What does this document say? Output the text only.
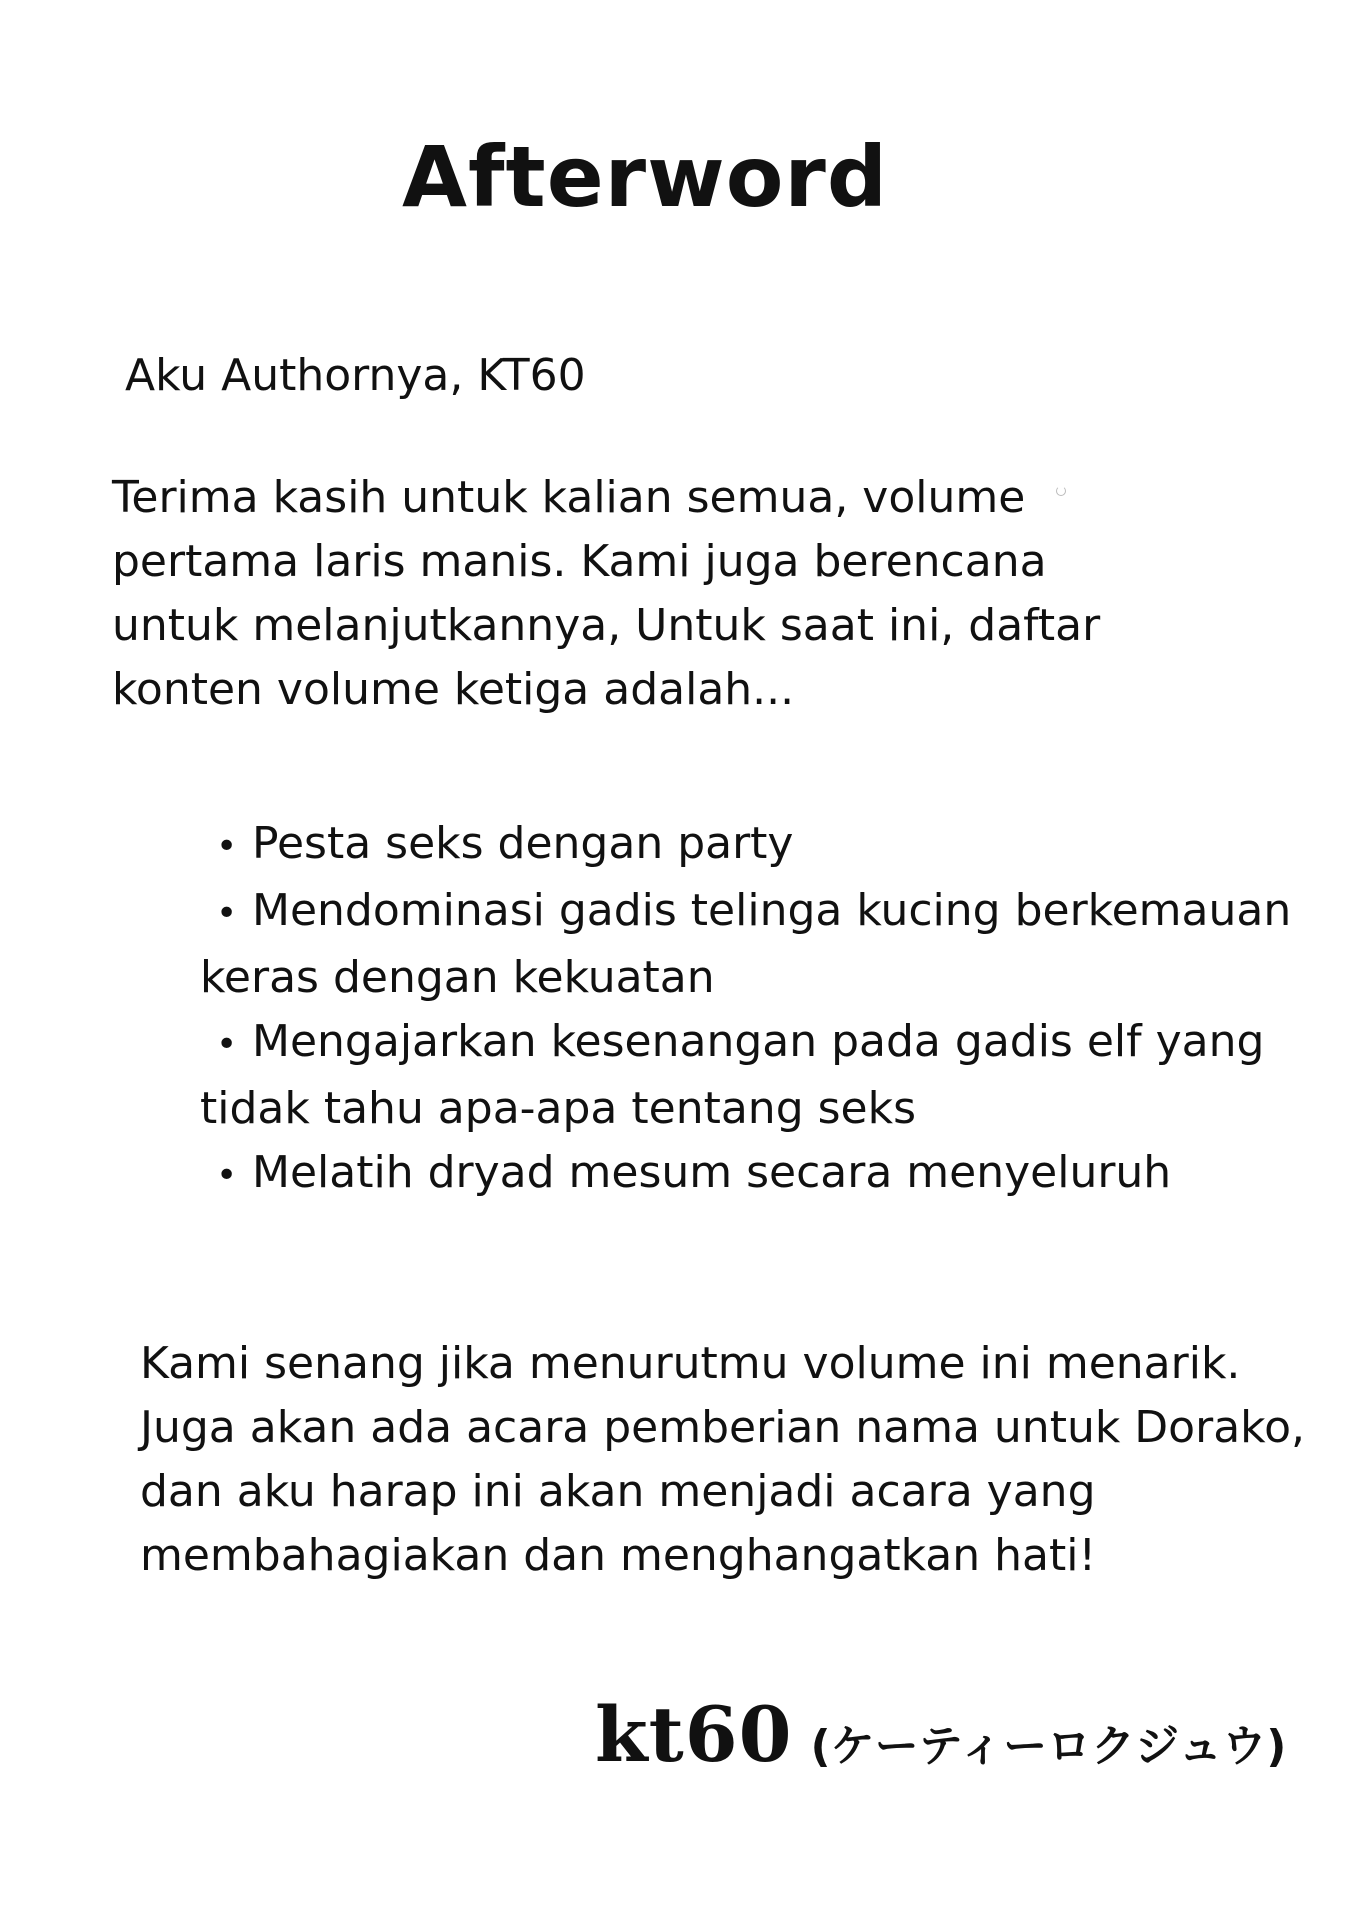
Afterword
Aku Authornya, KT60
Terima kasih untuk kalian semua, volume
pertama laris manis. Kami juga berencana
untuk melanjutkannya, Untuk saat ini, daftar
konten volume ketiga adalah...
• Pesta seks dengan party
• Mendominasi gadis telinga kucing berkemauan
keras dengan kekuatan
• Mengajarkan kesenangan pada gadis elf yang
tidak tahu apa-apa tentang seks
• Melatih dryad mesum secara menyeluruh
Kami senang jika menurutmu volume ini menarik.
Juga akan ada acara pemberian nama untuk Dorako,
dan aku harap ini akan menjadi acara yang
membahagiakan dan menghangatkan hati!
kt60 (ケーティーロクジュウ)
